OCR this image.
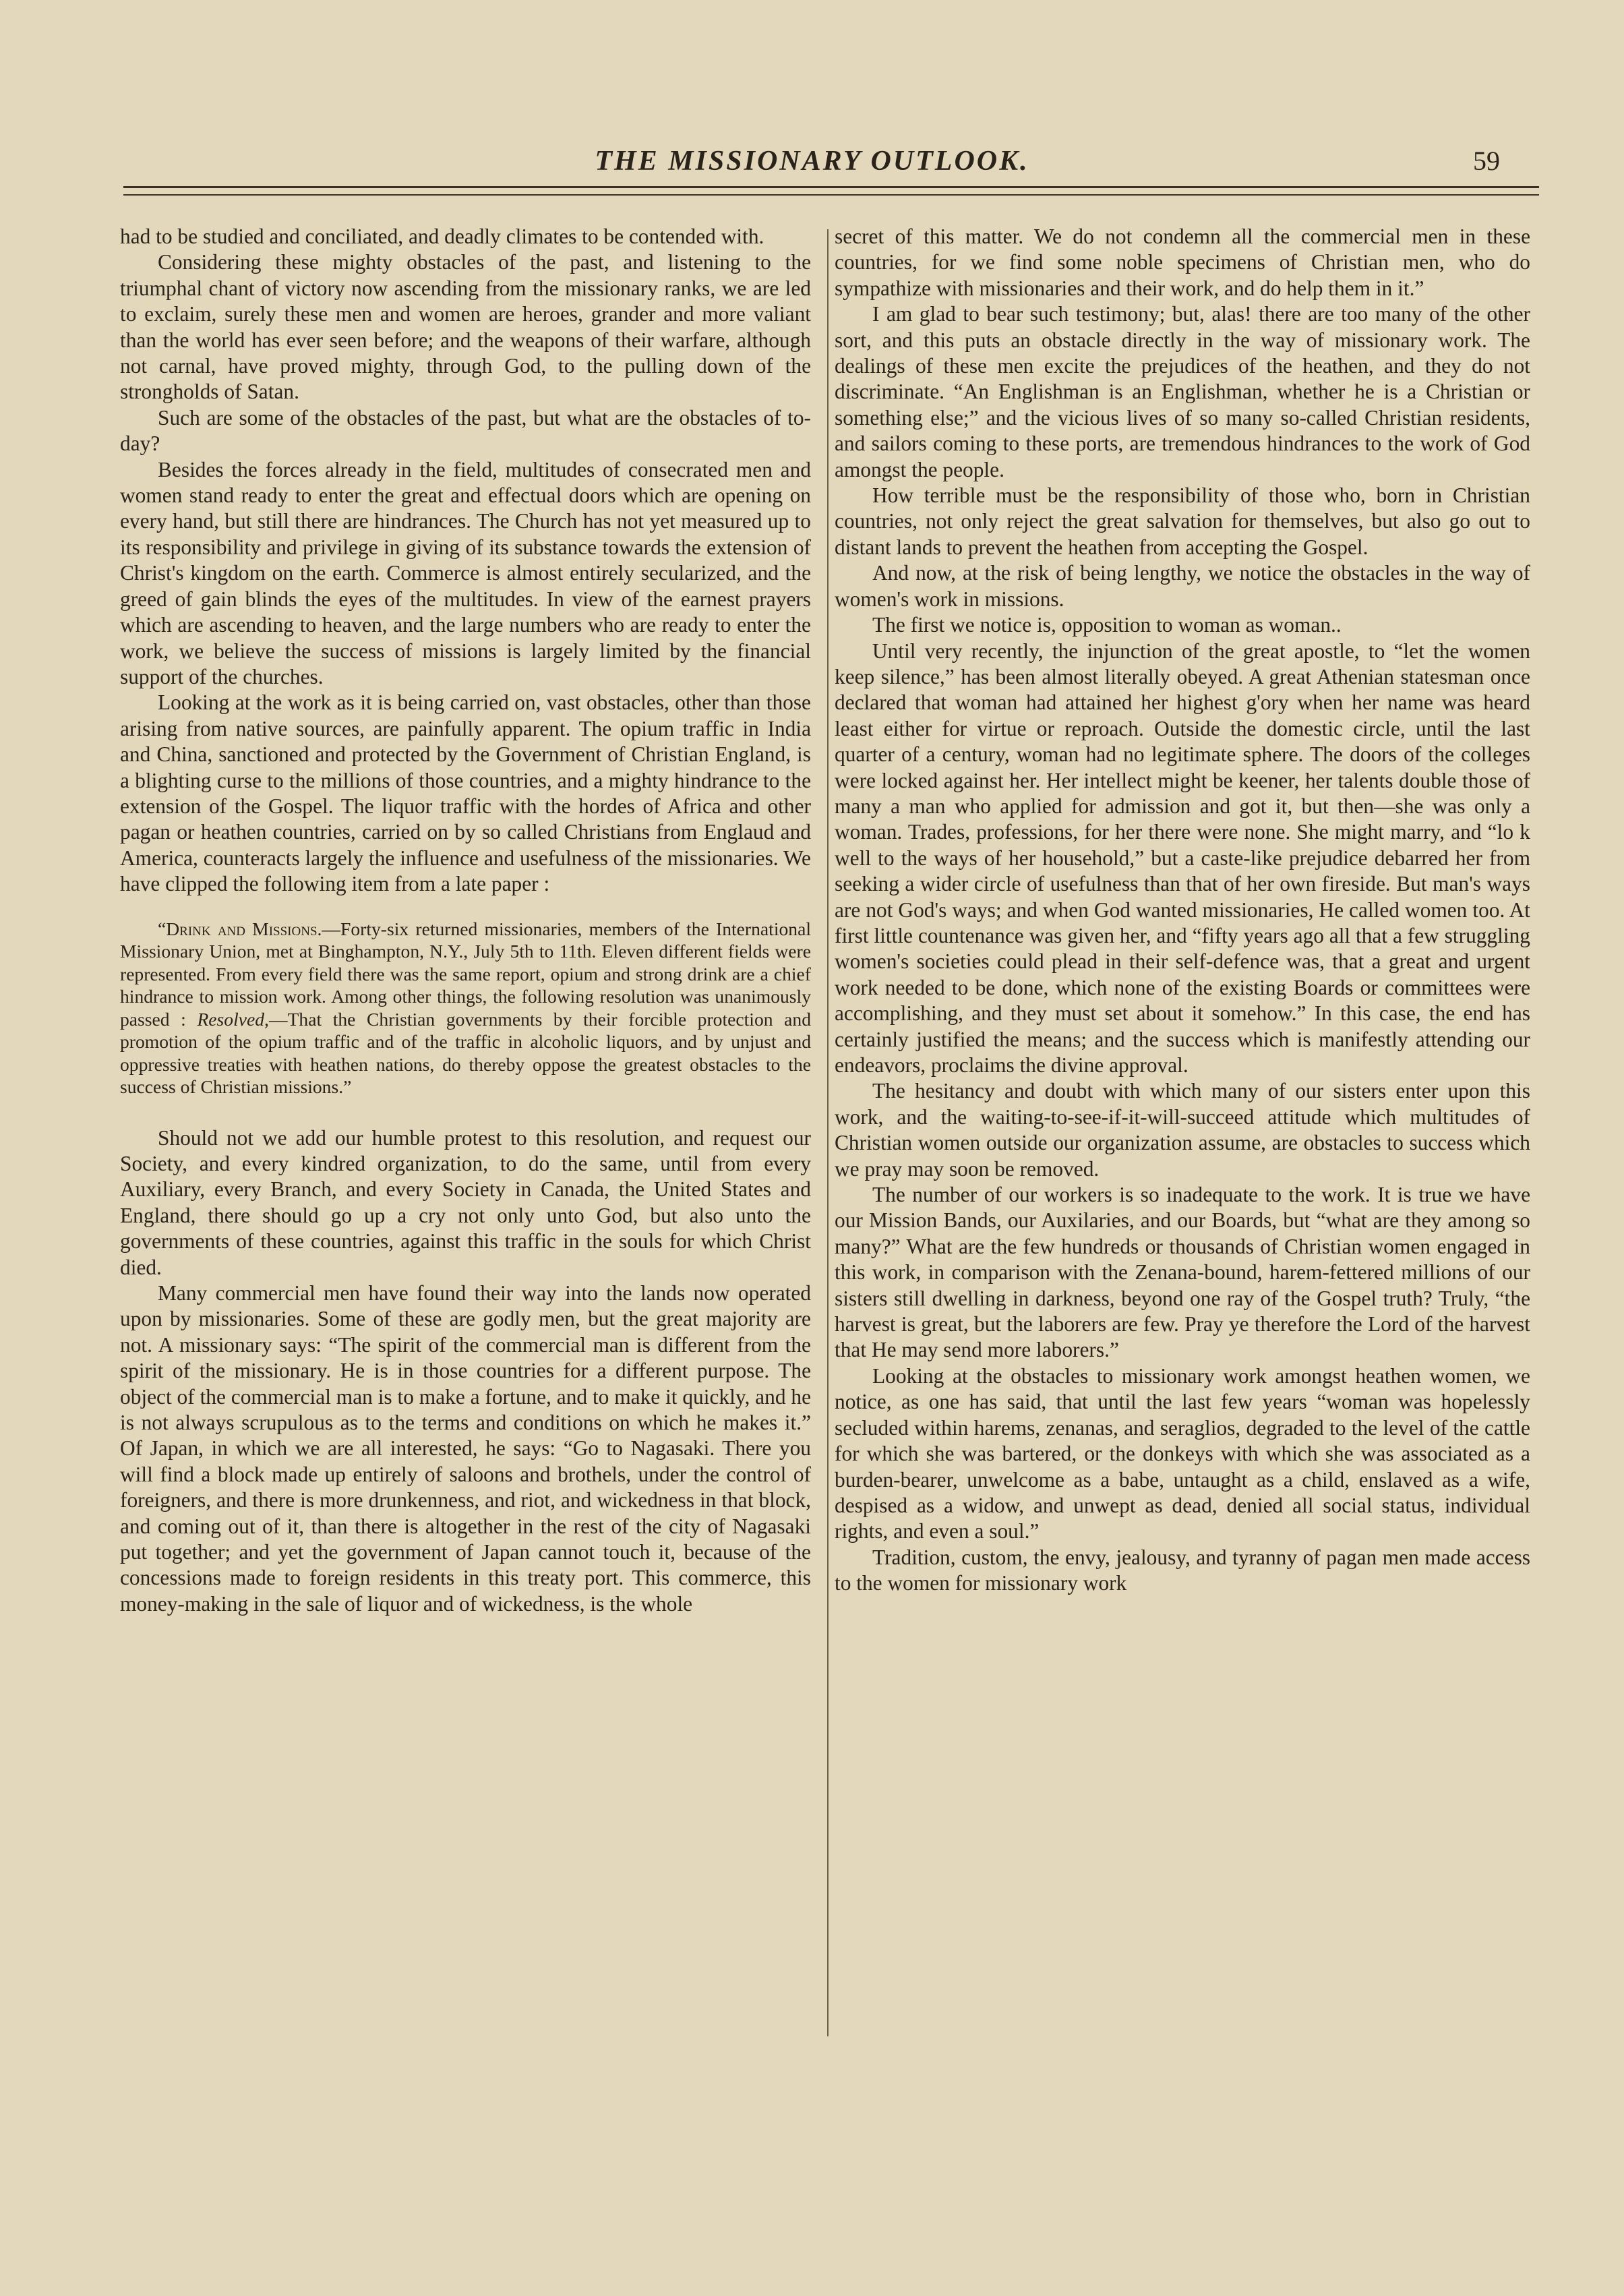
THE MISSIONARY OUTLOOK.	59

had to be studied and conciliated, and deadly climates to be contended with.

Considering these mighty obstacles of the past, and listening to the triumphal chant of victory now ascending from the missionary ranks, we are led to exclaim, surely these men and women are heroes, grander and more valiant than the world has ever seen before; and the weapons of their warfare, although not carnal, have proved mighty, through God, to the pulling down of the strongholds of Satan.

Such are some of the obstacles of the past, but what are the obstacles of to-day?

Besides the forces already in the field, multitudes of consecrated men and women stand ready to enter the great and effectual doors which are opening on every hand, but still there are hindrances. The Church has not yet measured up to its responsibility and privilege in giving of its substance towards the extension of Christ's kingdom on the earth. Commerce is almost entirely secularized, and the greed of gain blinds the eyes of the multitudes. In view of the earnest prayers which are ascending to heaven, and the large numbers who are ready to enter the work, we believe the success of missions is largely limited by the financial support of the churches.

Looking at the work as it is being carried on, vast obstacles, other than those arising from native sources, are painfully apparent. The opium traffic in India and China, sanctioned and protected by the Government of Christian England, is a blighting curse to the millions of those countries, and a mighty hindrance to the extension of the Gospel. The liquor traffic with the hordes of Africa and other pagan or heathen countries, carried on by so called Christians from Englaud and America, counteracts largely the influence and usefulness of the missionaries. We have clipped the following item from a late paper :

“Drink and Missions.—Forty-six returned missionaries, members of the International Missionary Union, met at Binghampton, N.Y., July 5th to 11th. Eleven different fields were represented. From every field there was the same report, opium and strong drink are a chief hindrance to mission work. Among other things, the following resolution was unanimously passed : Resolved,—That the Christian governments by their forcible protection and promotion of the opium traffic and of the traffic in alcoholic liquors, and by unjust and oppressive treaties with heathen nations, do thereby oppose the greatest obstacles to the success of Christian missions.”

Should not we add our humble protest to this resolution, and request our Society, and every kindred organization, to do the same, until from every Auxiliary, every Branch, and every Society in Canada, the United States and England, there should go up a cry not only unto God, but also unto the governments of these countries, against this traffic in the souls for which Christ died.

Many commercial men have found their way into the lands now operated upon by missionaries. Some of these are godly men, but the great majority are not. A missionary says: “The spirit of the commercial man is different from the spirit of the missionary. He is in those countries for a different purpose. The object of the commercial man is to make a fortune, and to make it quickly, and he is not always scrupulous as to the terms and conditions on which he makes it.” Of Japan, in which we are all interested, he says: “Go to Nagasaki. There you will find a block made up entirely of saloons and brothels, under the control of foreigners, and there is more drunkenness, and riot, and wickedness in that block, and coming out of it, than there is altogether in the rest of the city of Nagasaki put together; and yet the government of Japan cannot touch it, because of the concessions made to foreign residents in this treaty port. This commerce, this money-making in the sale of liquor and of wickedness, is the whole

secret of this matter. We do not condemn all the commercial men in these countries, for we find some noble specimens of Christian men, who do sympathize with missionaries and their work, and do help them in it.”

I am glad to bear such testimony; but, alas! there are too many of the other sort, and this puts an obstacle directly in the way of missionary work. The dealings of these men excite the prejudices of the heathen, and they do not discriminate. “An Englishman is an Englishman, whether he is a Christian or something else;” and the vicious lives of so many so-called Christian residents, and sailors coming to these ports, are tremendous hindrances to the work of God amongst the people.

How terrible must be the responsibility of those who, born in Christian countries, not only reject the great salvation for themselves, but also go out to distant lands to prevent the heathen from accepting the Gospel.

And now, at the risk of being lengthy, we notice the obstacles in the way of women's work in missions.

The first we notice is, opposition to woman as woman..

Until very recently, the injunction of the great apostle, to “let the women keep silence,” has been almost literally obeyed. A great Athenian statesman once declared that woman had attained her highest g'ory when her name was heard least either for virtue or reproach. Outside the domestic circle, until the last quarter of a century, woman had no legitimate sphere. The doors of the colleges were locked against her. Her intellect might be keener, her talents double those of many a man who applied for admission and got it, but then—she was only a woman. Trades, professions, for her there were none. She might marry, and “lo k well to the ways of her household,” but a caste-like prejudice debarred her from seeking a wider circle of usefulness than that of her own fireside. But man's ways are not God's ways; and when God wanted missionaries, He called women too. At first little countenance was given her, and “fifty years ago all that a few struggling women's societies could plead in their self-defence was, that a great and urgent work needed to be done, which none of the existing Boards or committees were accomplishing, and they must set about it somehow.” In this case, the end has certainly justified the means; and the success which is manifestly attending our endeavors, proclaims the divine approval.

The hesitancy and doubt with which many of our sisters enter upon this work, and the waiting-to-see-if-it-will-succeed attitude which multitudes of Christian women outside our organization assume, are obstacles to success which we pray may soon be removed.

The number of our workers is so inadequate to the work. It is true we have our Mission Bands, our Auxilaries, and our Boards, but “what are they among so many?” What are the few hundreds or thousands of Christian women engaged in this work, in comparison with the Zenana-bound, harem-fettered millions of our sisters still dwelling in darkness, beyond one ray of the Gospel truth? Truly, “the harvest is great, but the laborers are few. Pray ye therefore the Lord of the harvest that He may send more laborers.”

Looking at the obstacles to missionary work amongst heathen women, we notice, as one has said, that until the last few years “woman was hopelessly secluded within harems, zenanas, and seraglios, degraded to the level of the cattle for which she was bartered, or the donkeys with which she was associated as a burden-bearer, unwelcome as a babe, untaught as a child, enslaved as a wife, despised as a widow, and unwept as dead, denied all social status, individual rights, and even a soul.”

Tradition, custom, the envy, jealousy, and tyranny of pagan men made access to the women for missionary work
